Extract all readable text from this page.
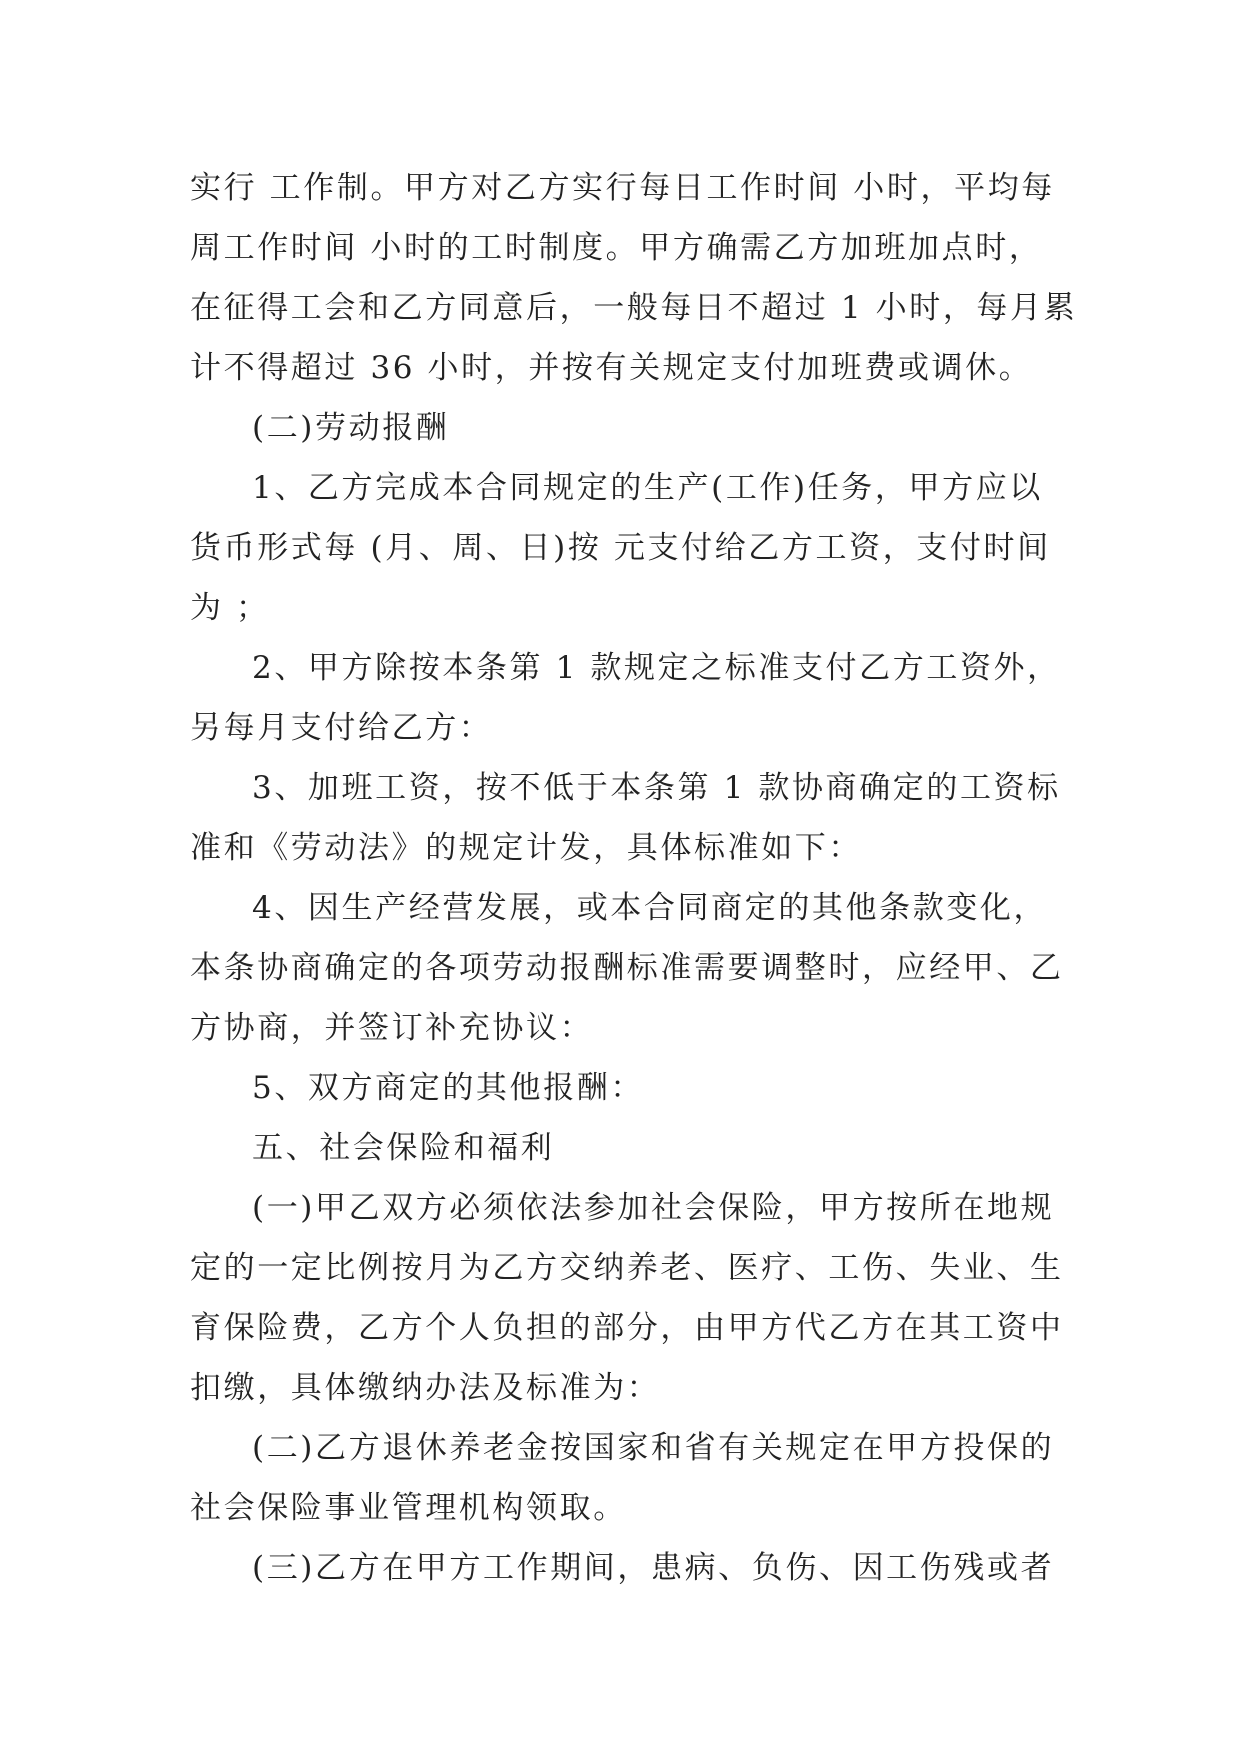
实行 工作制。甲方对乙方实行每日工作时间 小时，平均每
周工作时间 小时的工时制度。甲方确需乙方加班加点时，
在征得工会和乙方同意后，一般每日不超过 1 小时，每月累
计不得超过 36 小时，并按有关规定支付加班费或调休。
(二)劳动报酬
1、乙方完成本合同规定的生产(工作)任务，甲方应以
货币形式每 (月、周、日)按 元支付给乙方工资，支付时间
为 ；
2、甲方除按本条第 1 款规定之标准支付乙方工资外，
另每月支付给乙方：
3、加班工资，按不低于本条第 1 款协商确定的工资标
准和《劳动法》的规定计发，具体标准如下：
4、因生产经营发展，或本合同商定的其他条款变化，
本条协商确定的各项劳动报酬标准需要调整时，应经甲、乙
方协商，并签订补充协议：
5、双方商定的其他报酬：
五、社会保险和福利
(一)甲乙双方必须依法参加社会保险，甲方按所在地规
定的一定比例按月为乙方交纳养老、医疗、工伤、失业、生
育保险费，乙方个人负担的部分，由甲方代乙方在其工资中
扣缴，具体缴纳办法及标准为：
(二)乙方退休养老金按国家和省有关规定在甲方投保的
社会保险事业管理机构领取。
(三)乙方在甲方工作期间，患病、负伤、因工伤残或者
